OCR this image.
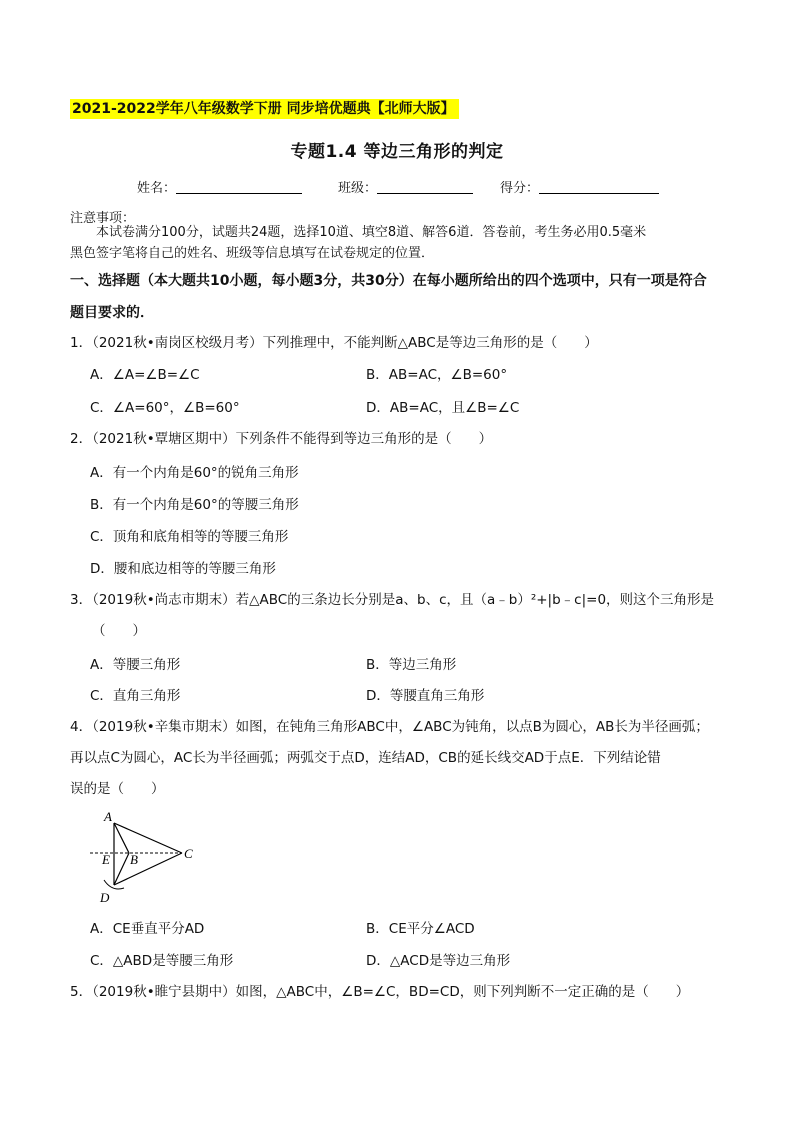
2021-2022学年八年级数学下册 同步培优题典【北师大版】
专题1.4 等边三角形的判定
姓名：	班级：	得分：
注意事项：

本试卷满分100分，试题共24题，选择10道、填空8道、解答6道．答卷前，考生务必用0.5毫米

黑色签字笔将自己的姓名、班级等信息填写在试卷规定的位置．

一、选择题（本大题共10小题，每小题3分，共30分）在每小题所给出的四个选项中，只有一项是符合
题目要求的．
1．（2021秋•南岗区校级月考）下列推理中，不能判断△ABC是等边三角形的是（　　）
A．∠A=∠B=∠C	B．AB=AC，∠B=60°
C．∠A=60°，∠B=60°	D．AB=AC，且∠B=∠C
2．（2021秋•覃塘区期中）下列条件不能得到等边三角形的是（　　）
A．有一个内角是60°的锐角三角形
B．有一个内角是60°的等腰三角形
C．顶角和底角相等的等腰三角形
D．腰和底边相等的等腰三角形
3．（2019秋•尚志市期末）若△ABC的三条边长分别是a、b、c，且（a﹣b）²+|b﹣c|=0，则这个三角形是
（　　）
A．等腰三角形	B．等边三角形
C．直角三角形	D．等腰直角三角形
4．（2019秋•辛集市期末）如图，在钝角三角形ABC中，∠ABC为钝角，以点B为圆心，AB长为半径画弧；
再以点C为圆心，AC长为半径画弧；两弧交于点D，连结AD，CB的延长线交AD于点E．下列结论错
误的是（　　）
A
B	C
D
E
A．CE垂直平分AD	B．CE平分∠ACD
C．△ABD是等腰三角形	D．△ACD是等边三角形
5．（2019秋•睢宁县期中）如图，△ABC中，∠B=∠C，BD=CD，则下列判断不一定正确的是（　　）
